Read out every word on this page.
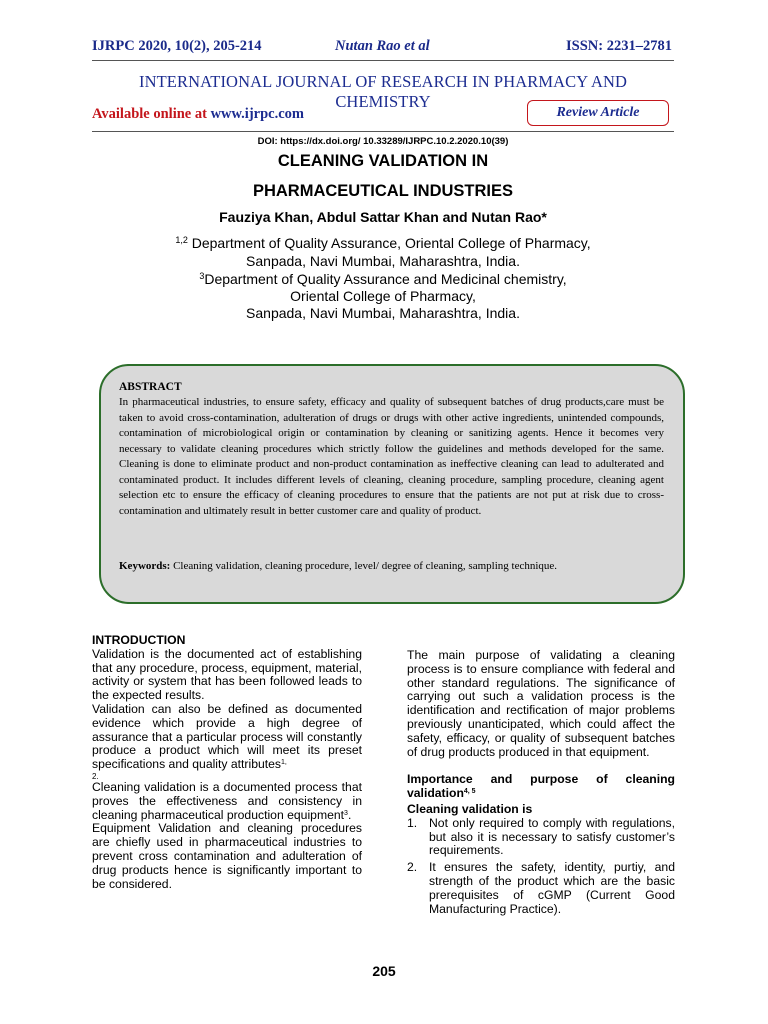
IJRPC 2020, 10(2), 205-214	Nutan Rao et al	ISSN: 2231–2781
INTERNATIONAL JOURNAL OF RESEARCH IN PHARMACY AND CHEMISTRY
Available online at www.ijrpc.com	Review Article
DOI: https://dx.doi.org/ 10.33289/IJRPC.10.2.2020.10(39)
CLEANING VALIDATION IN
PHARMACEUTICAL INDUSTRIES
Fauziya Khan, Abdul Sattar Khan and Nutan Rao*
$^{1,2}$ Department of Quality Assurance, Oriental College of Pharmacy,
Sanpada, Navi Mumbai, Maharashtra, India.
$^3$Department of Quality Assurance and Medicinal chemistry,
Oriental College of Pharmacy,
Sanpada, Navi Mumbai, Maharashtra, India.
ABSTRACT
In pharmaceutical industries, to ensure safety, efficacy and quality of subsequent batches of drug products,care must be taken to avoid cross-contamination, adulteration of drugs or drugs with other active ingredients, unintended compounds, contamination of microbiological origin or contamination by cleaning or sanitizing agents. Hence it becomes very necessary to validate cleaning procedures which strictly follow the guidelines and methods developed for the same. Cleaning is done to eliminate product and non-product contamination as ineffective cleaning can lead to adulterated and contaminated product. It includes different levels of cleaning, cleaning procedure, sampling procedure, cleaning agent selection etc to ensure the efficacy of cleaning procedures to ensure that the patients are not put at risk due to cross-contamination and ultimately result in better customer care and quality of product.
Keywords: Cleaning validation, cleaning procedure, level/ degree of cleaning, sampling technique.

INTRODUCTION

Validation is the documented act of establishing that any procedure, process, equipment, material, activity or system that has been followed leads to the expected results.

Validation can also be defined as documented evidence which provide a high degree of assurance that a particular process will constantly produce a product which will meet its preset specifications and quality attributes$^{1,}$

2.

Cleaning validation is a documented process that proves the effectiveness and consistency in cleaning pharmaceutical production equipment$^3$.

Equipment Validation and cleaning procedures are chiefly used in pharmaceutical industries to prevent cross contamination and adulteration of drug products hence is significantly important to be considered.

The main purpose of validating a cleaning process is to ensure compliance with federal and other standard regulations. The significance of carrying out such a validation process is the identification and rectification of major problems previously unanticipated, which could affect the safety, efficacy, or quality of subsequent batches of drug products produced in that equipment.

Importance and purpose of cleaning validation$^{4, 5}$

Cleaning validation is

1. Not only required to comply with regulations, but also it is necessary to satisfy customer’s requirements.
2. It ensures the safety, identity, purtiy, and strength of the product which are the basic prerequisites of cGMP (Current Good Manufacturing Practice).
205
